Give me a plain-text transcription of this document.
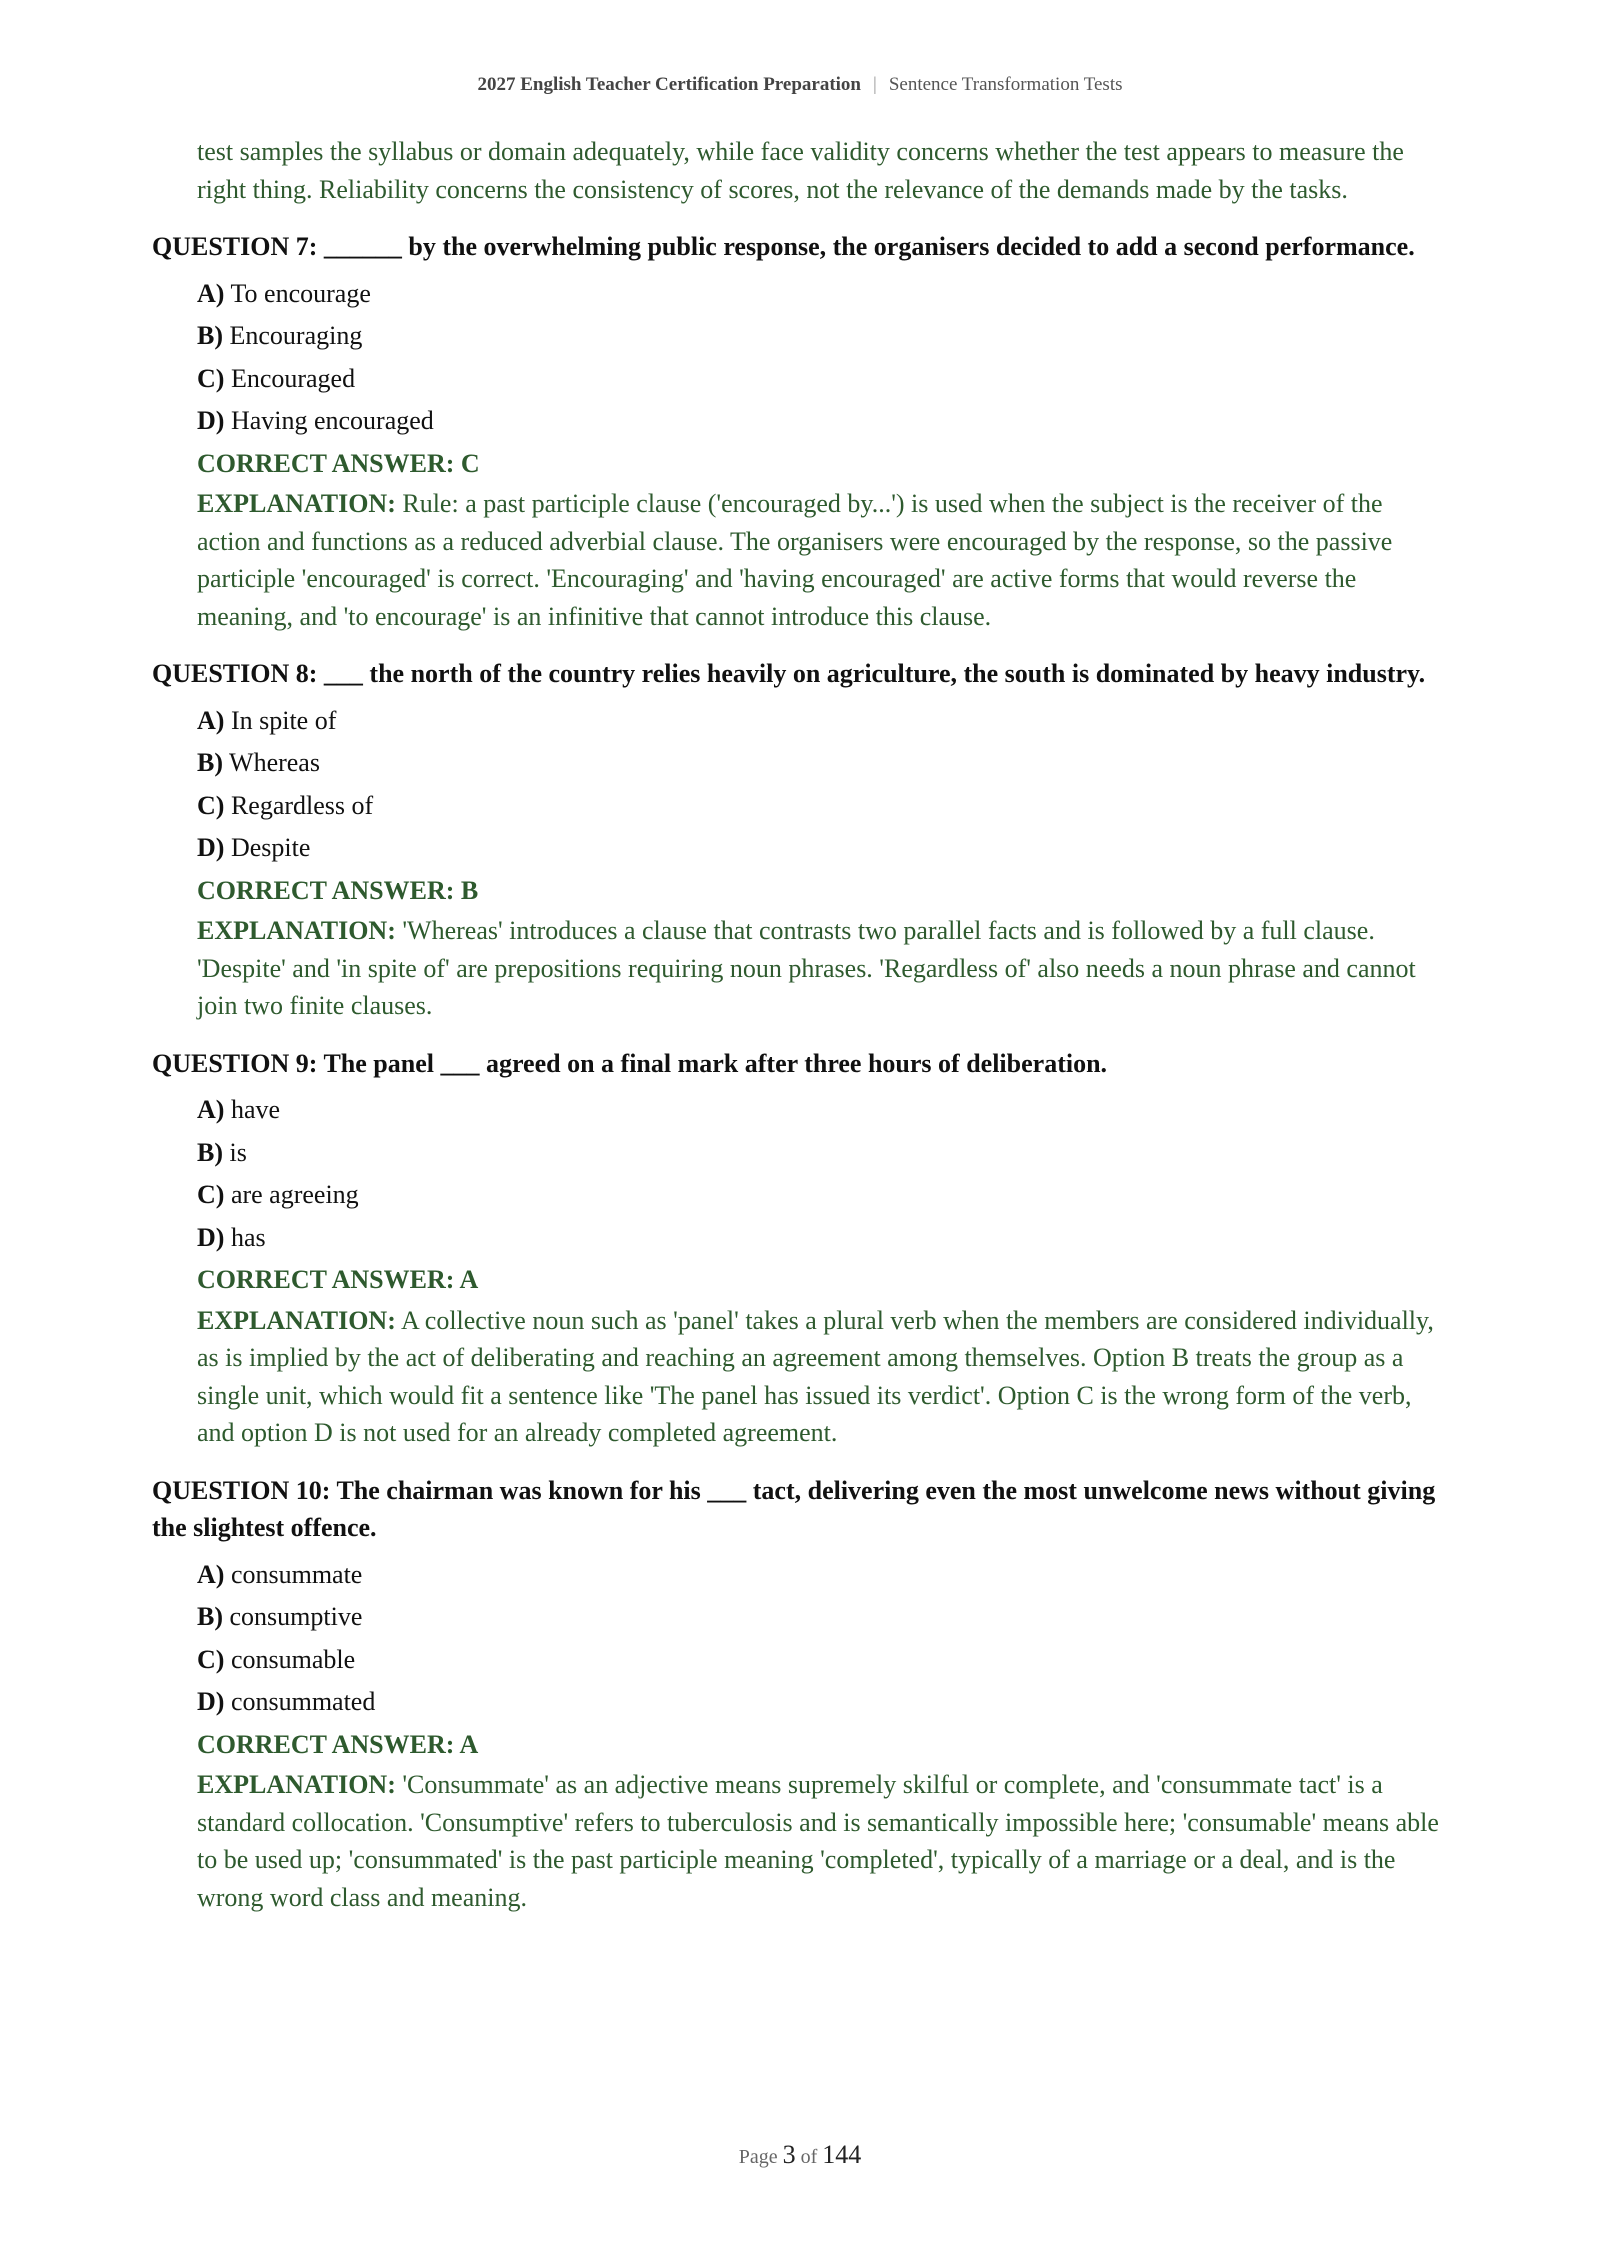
2027 English Teacher Certification Preparation | Sentence Transformation Tests
test samples the syllabus or domain adequately, while face validity concerns whether the test appears to measure the right thing. Reliability concerns the consistency of scores, not the relevance of the demands made by the tasks.
QUESTION 7: ______ by the overwhelming public response, the organisers decided to add a second performance.
A) To encourage
B) Encouraging
C) Encouraged
D) Having encouraged
CORRECT ANSWER: C
EXPLANATION: Rule: a past participle clause ('encouraged by...') is used when the subject is the receiver of the action and functions as a reduced adverbial clause. The organisers were encouraged by the response, so the passive participle 'encouraged' is correct. 'Encouraging' and 'having encouraged' are active forms that would reverse the meaning, and 'to encourage' is an infinitive that cannot introduce this clause.
QUESTION 8: ___ the north of the country relies heavily on agriculture, the south is dominated by heavy industry.
A) In spite of
B) Whereas
C) Regardless of
D) Despite
CORRECT ANSWER: B
EXPLANATION: 'Whereas' introduces a clause that contrasts two parallel facts and is followed by a full clause. 'Despite' and 'in spite of' are prepositions requiring noun phrases. 'Regardless of' also needs a noun phrase and cannot join two finite clauses.
QUESTION 9: The panel ___ agreed on a final mark after three hours of deliberation.
A) have
B) is
C) are agreeing
D) has
CORRECT ANSWER: A
EXPLANATION: A collective noun such as 'panel' takes a plural verb when the members are considered individually, as is implied by the act of deliberating and reaching an agreement among themselves. Option B treats the group as a single unit, which would fit a sentence like 'The panel has issued its verdict'. Option C is the wrong form of the verb, and option D is not used for an already completed agreement.
QUESTION 10: The chairman was known for his ___ tact, delivering even the most unwelcome news without giving the slightest offence.
A) consummate
B) consumptive
C) consumable
D) consummated
CORRECT ANSWER: A
EXPLANATION: 'Consummate' as an adjective means supremely skilful or complete, and 'consummate tact' is a standard collocation. 'Consumptive' refers to tuberculosis and is semantically impossible here; 'consumable' means able to be used up; 'consummated' is the past participle meaning 'completed', typically of a marriage or a deal, and is the wrong word class and meaning.
Page 3 of 144
